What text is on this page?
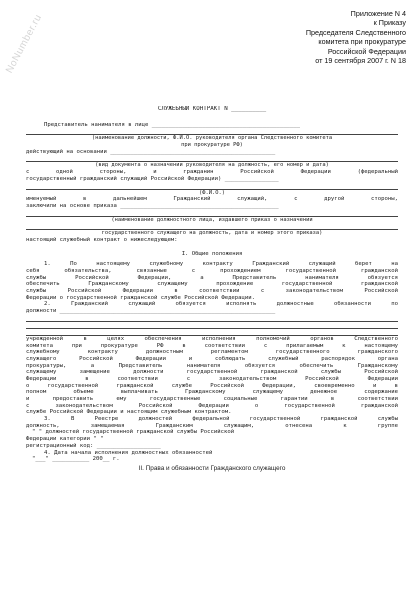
NoNumber.ru	Приложение N 4
к Приказу
Председателя Следственного
комитета при прокуратуре
Российской Федерации
от 19 сентября 2007 г. N 18
СЛУЖЕБНЫЙ КОНТРАКТ N __________
Представитель нанимателя в лице ____________________________________________
(наименование должности, Ф.И.О. руководителя органа Следственного комитета
при прокуратуре РФ)
действующий на основании _________________________________________________
(вид документа о назначении руководителя на должность, его номер и дата)
с одной стороны, и гражданин Российской Федерации (федеральный
государственный гражданский служащий Российской Федерации) ________________
(Ф.И.О.)
именуемый в дальнейшем Гражданский служащий, с другой стороны,
заключили на основе приказа _______________________________________________
(наименование должностного лица, издавшего приказ о назначении
государственного служащего на должность, дата и номер этого приказа)
настоящий служебный контракт о нижеследующем:
I. Общие положения
1. По настоящему служебному контракту Гражданский служащий берет на
себя обязательства, связанные с прохождением государственной гражданской
службы Российской Федерации, а Представитель нанимателя обязуется
обеспечить Гражданскому служащему прохождение государственной гражданской
службы Российской Федерации в соответствии с законодательством Российской
Федерации о государственной гражданской службе Российской Федерации.
2. Гражданский служащий обязуется исполнять должностные обязанности по
должности ________________________________________________________________
учрежденной в целях обеспечения исполнения полномочий органов Следственного
комитета при прокуратуре РФ в соответствии с прилагаемым к настоящему
служебному контракту должностным регламентом государственного гражданского
служащего Российской Федерации и соблюдать служебный распорядок органа
прокуратуры, а Представитель нанимателя обязуется обеспечить Гражданскому
служащему замещение должности государственной гражданской службы Российской
Федерации в соответствии с законодательством Российской Федерации
о государственной гражданской службе Российской Федерации, своевременно и в
полном объеме выплачивать Гражданскому служащему денежное содержание
и предоставить ему государственные социальные гарантии в соответствии
с законодательством Российской Федерации о государственной гражданской
службе Российской Федерации и настоящим служебным контрактом.
3. В Реестре должностей федеральной государственной гражданской службы
должность, замещаемая Гражданским служащим, отнесена к группе
" " должностей государственной гражданской службы Российской
Федерации категории " "
регистрационный код: ___________________
4. Дата начала исполнения должностных обязанностей
"___" ___________ 200__ г.
II. Права и обязанности Гражданского служащего
